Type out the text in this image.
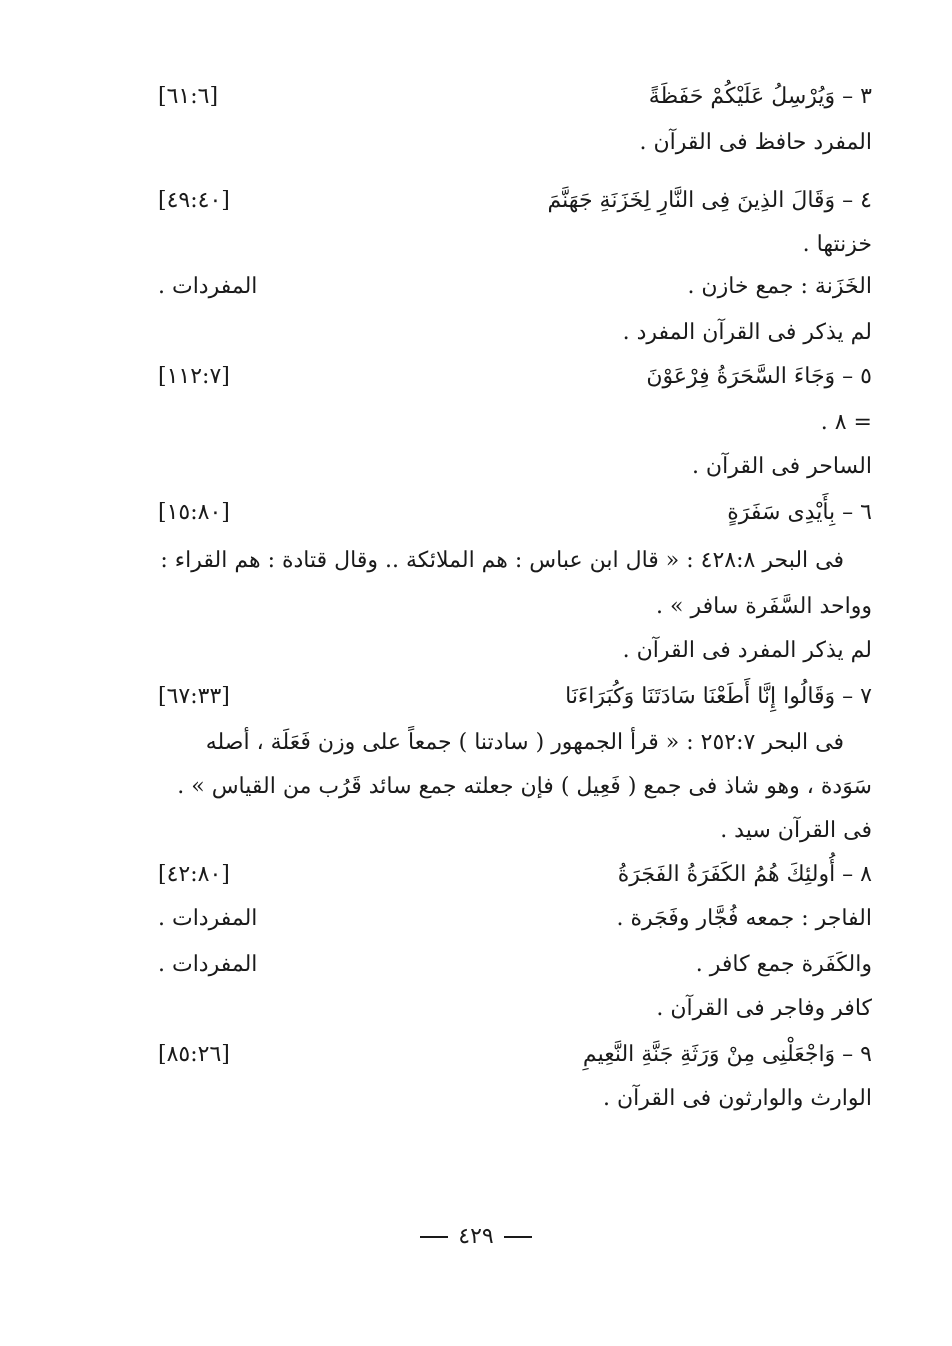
٣ – وَيُرْسِلُ عَلَيْكُمْ حَفَظَةً
[٦١:٦]
المفرد حافظ فى القرآن .
٤ – وَقَالَ الذِينَ فِى النَّارِ لِخَزَنَةِ جَهَنَّمَ
[٤٩:٤٠]
خزنتها .
الخَزَنة : جمع خازن .
المفردات .
لم يذكر فى القرآن المفرد .
٥ – وَجَاءَ السَّحَرَةُ فِرْعَوْنَ
[١١٢:٧]
= ٨ .
الساحر فى القرآن .
٦ – بِأَيْدِى سَفَرَةٍ
[١٥:٨٠]
فى البحر ٤٢٨:٨ : « قال ابن عباس : هم الملائكة .. وقال قتادة : هم القراء :
وواحد السَّفَرة سافر » .
لم يذكر المفرد فى القرآن .
٧ – وَقَالُوا إِنَّا أَطَعْنَا سَادَتَنَا وَكُبَرَاءَنَا
[٦٧:٣٣]
فى البحر ٢٥٢:٧ : « قرأ الجمهور ( سادتنا ) جمعاً على وزن فَعَلَة ، أصله
سَوَدة ، وهو شاذ فى جمع ( فَعِيل ) فإن جعلته جمع سائد قَرُب من القياس » .
فى القرآن سيد .
٨ – أُولئِكَ هُمُ الكَفَرَةُ الفَجَرَةُ
[٤٢:٨٠]
الفاجر : جمعه فُجَّار وفَجَرة .
المفردات .
والكَفَرة جمع كافر .
المفردات .
كافر وفاجر فى القرآن .
٩ – وَاجْعَلْنِى مِنْ وَرَثَةِ جَنَّةِ النَّعِيمِ
[٨٥:٢٦]
الوارث والوارثون فى القرآن .
٤٢٩
